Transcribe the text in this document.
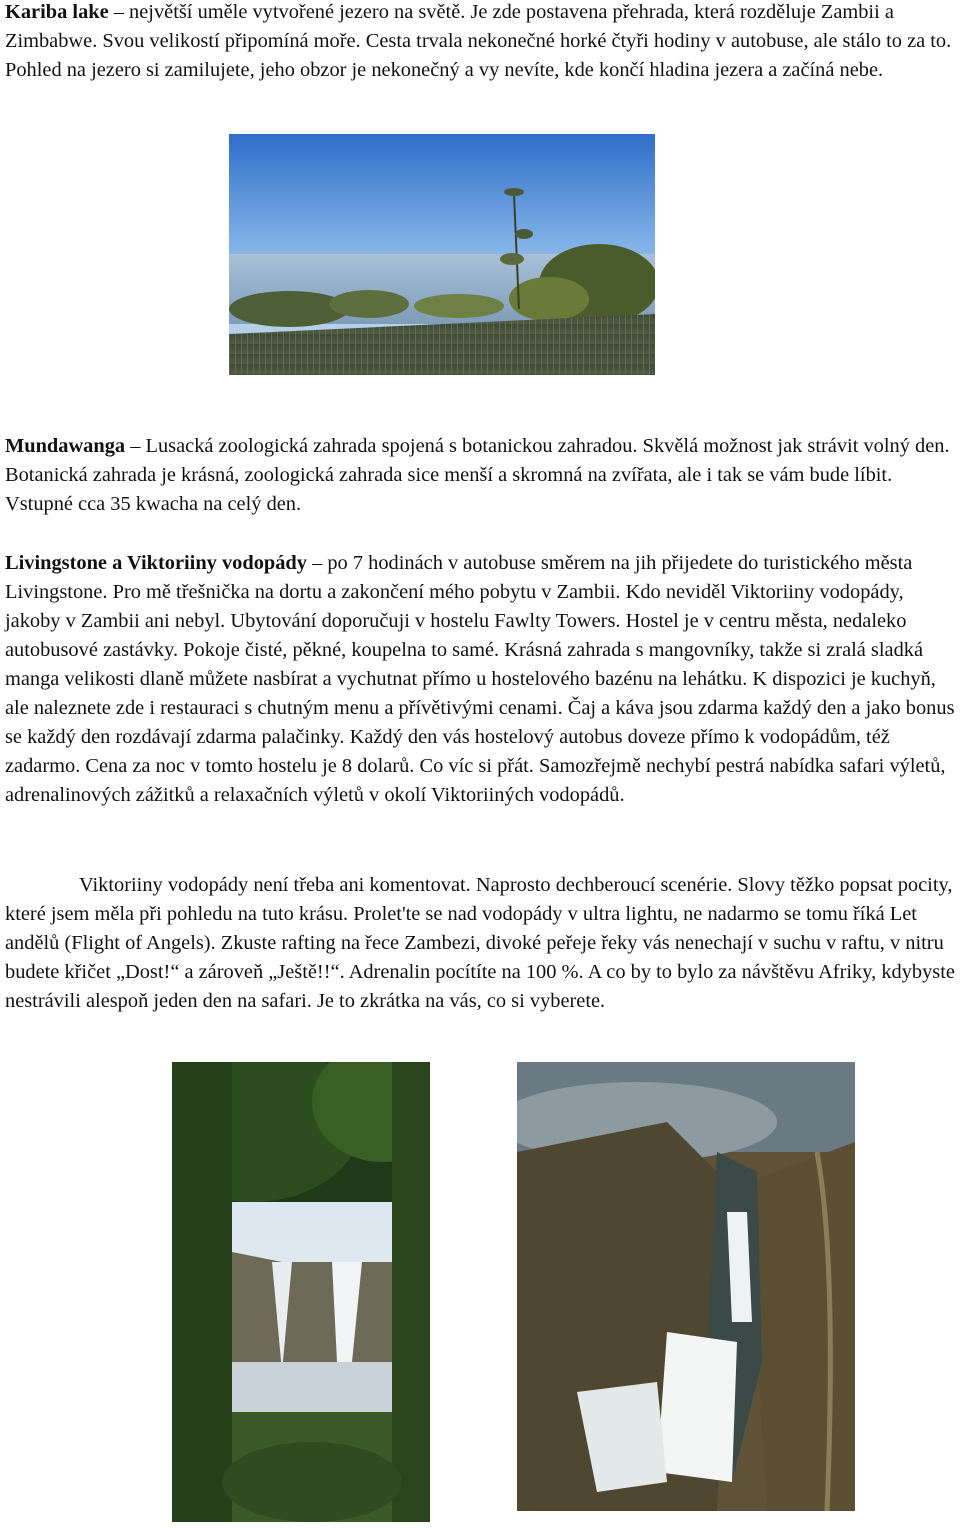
Kariba lake – největší uměle vytvořené jezero na světě. Je zde postavena přehrada, která rozděluje Zambii a Zimbabwe. Svou velikostí připomíná moře. Cesta trvala nekonečné horké čtyři hodiny v autobuse, ale stálo to za to. Pohled na jezero si zamilujete, jeho obzor je nekonečný a vy nevíte, kde končí hladina jezera a začíná nebe.

Mundawanga – Lusacká zoologická zahrada spojená s botanickou zahradou. Skvělá možnost jak strávit volný den. Botanická zahrada je krásná, zoologická zahrada sice menší a skromná na zvířata, ale i tak se vám bude líbit. Vstupné cca 35 kwacha na celý den.

Livingstone a Viktoriiny vodopády – po 7 hodinách v autobuse směrem na jih přijedete do turistického města Livingstone. Pro mě třešnička na dortu a zakončení mého pobytu v Zambii. Kdo neviděl Viktoriiny vodopády, jakoby v Zambii ani nebyl. Ubytování doporučuji v hostelu Fawlty Towers. Hostel je v centru města, nedaleko autobusové zastávky. Pokoje čisté, pěkné, koupelna to samé. Krásná zahrada s mangovníky, takže si zralá sladká manga velikosti dlaně můžete nasbírat a vychutnat přímo u hostelového bazénu na lehátku. K dispozici je kuchyň, ale naleznete zde i restauraci s chutným menu a přívětivými cenami. Čaj a káva jsou zdarma každý den a jako bonus se každý den rozdávají zdarma palačinky. Každý den vás hostelový autobus doveze přímo k vodopádům, též zadarmo. Cena za noc v tomto hostelu je 8 dolarů. Co víc si přát. Samozřejmě nechybí pestrá nabídka safari výletů, adrenalinových zážitků a relaxačních výletů v okolí Viktoriiných vodopádů.

Viktoriiny vodopády není třeba ani komentovat. Naprosto dechberoucí scenérie. Slovy těžko popsat pocity, které jsem měla při pohledu na tuto krásu. Prolet'te se nad vodopády v ultra lightu, ne nadarmo se tomu říká Let andělů (Flight of Angels). Zkuste rafting na řece Zambezi, divoké peřeje řeky vás nenechají v suchu v raftu, v nitru budete křičet „Dost!“ a zároveň „Ještě!!“. Adrenalin pocítíte na 100 %. A co by to bylo za návštěvu Afriky, kdybyste nestrávili alespoň jeden den na safari. Je to zkrátka na vás, co si vyberete.
